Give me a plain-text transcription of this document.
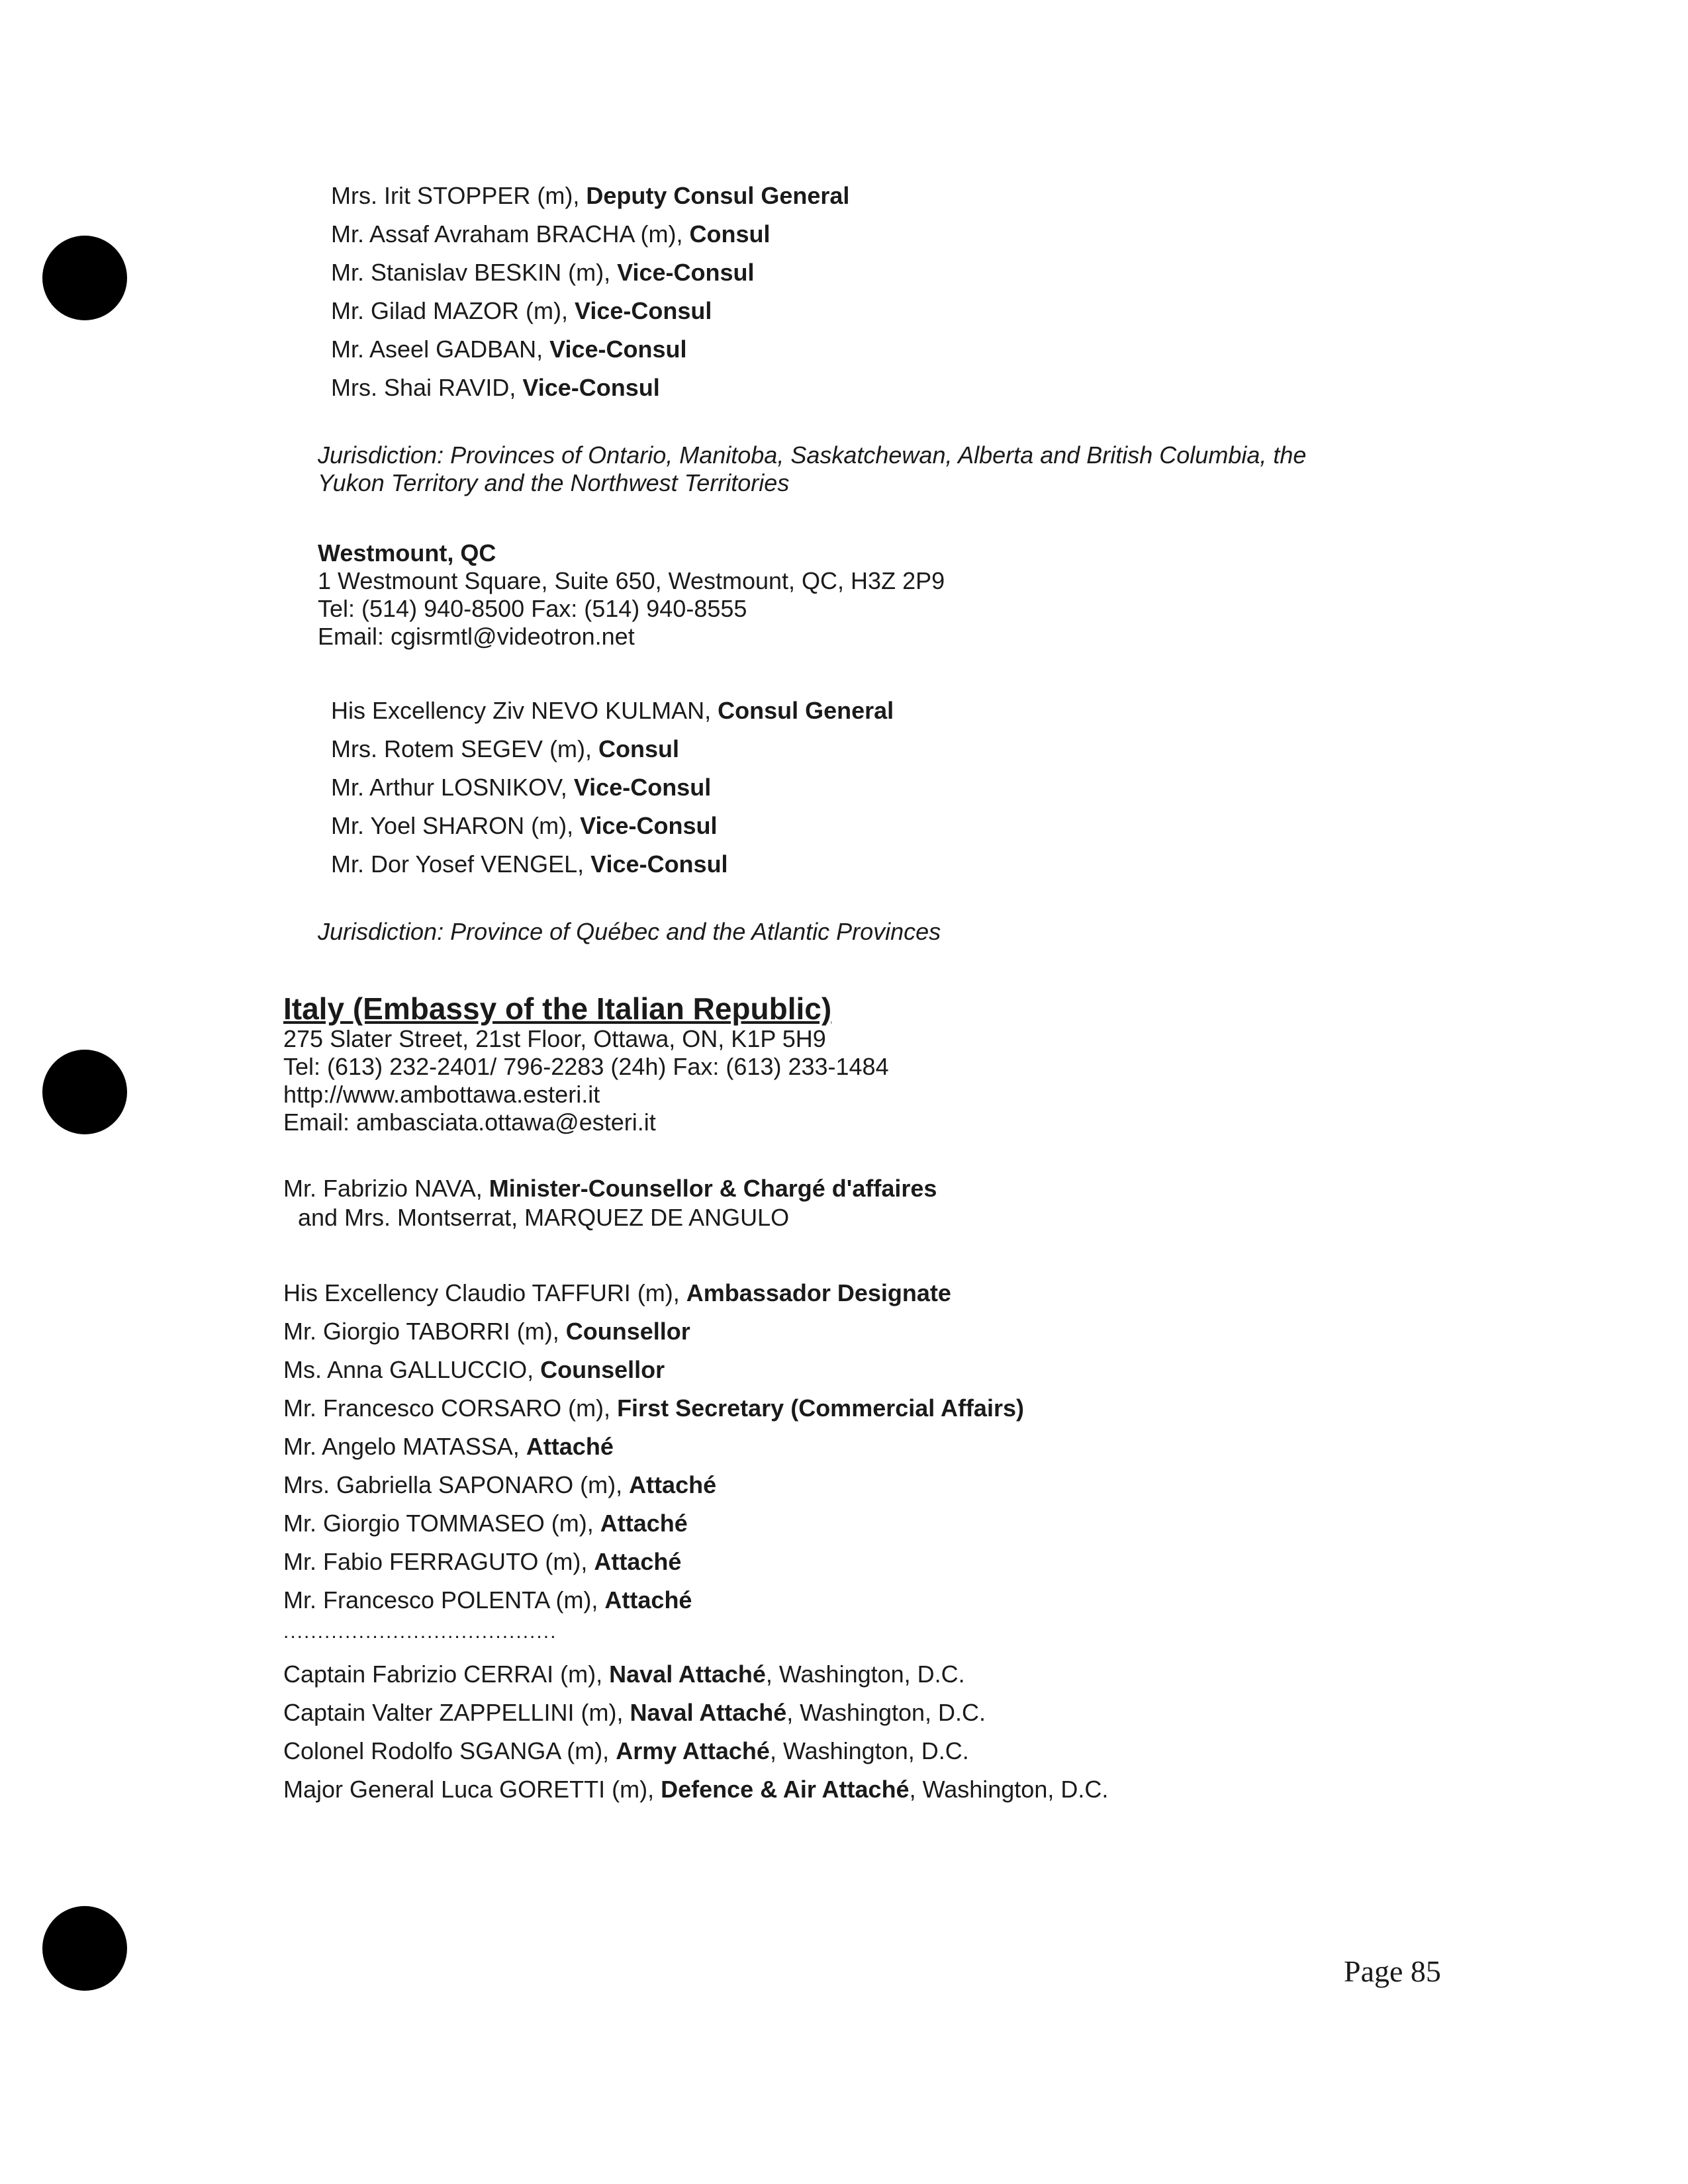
Mrs. Irit STOPPER (m), Deputy Consul General
Mr. Assaf Avraham BRACHA (m), Consul
Mr. Stanislav BESKIN (m), Vice-Consul
Mr. Gilad MAZOR (m), Vice-Consul
Mr. Aseel GADBAN, Vice-Consul
Mrs. Shai RAVID, Vice-Consul
Jurisdiction: Provinces of Ontario, Manitoba, Saskatchewan, Alberta and British Columbia, the
Yukon Territory and the Northwest Territories
Westmount, QC
1 Westmount Square, Suite 650, Westmount, QC, H3Z 2P9
Tel: (514) 940-8500 Fax: (514) 940-8555
Email: cgisrmtl@videotron.net
His Excellency Ziv NEVO KULMAN, Consul General
Mrs. Rotem SEGEV (m), Consul
Mr. Arthur LOSNIKOV, Vice-Consul
Mr. Yoel SHARON (m), Vice-Consul
Mr. Dor Yosef VENGEL, Vice-Consul
Jurisdiction: Province of Québec and the Atlantic Provinces
Italy (Embassy of the Italian Republic)
275 Slater Street, 21st Floor, Ottawa, ON, K1P 5H9
Tel: (613) 232-2401/ 796-2283 (24h) Fax: (613) 233-1484
http://www.ambottawa.esteri.it
Email: ambasciata.ottawa@esteri.it
Mr. Fabrizio NAVA, Minister-Counsellor & Chargé d'affaires
and Mrs. Montserrat, MARQUEZ DE ANGULO
His Excellency Claudio TAFFURI (m), Ambassador Designate
Mr. Giorgio TABORRI (m), Counsellor
Ms. Anna GALLUCCIO, Counsellor
Mr. Francesco CORSARO (m), First Secretary (Commercial Affairs)
Mr. Angelo MATASSA, Attaché
Mrs. Gabriella SAPONARO (m), Attaché
Mr. Giorgio TOMMASEO (m), Attaché
Mr. Fabio FERRAGUTO (m), Attaché
Mr. Francesco POLENTA (m), Attaché
........................................
Captain Fabrizio CERRAI (m), Naval Attaché, Washington, D.C.
Captain Valter ZAPPELLINI (m), Naval Attaché, Washington, D.C.
Colonel Rodolfo SGANGA (m), Army Attaché, Washington, D.C.
Major General Luca GORETTI (m), Defence & Air Attaché, Washington, D.C.
Page 85
